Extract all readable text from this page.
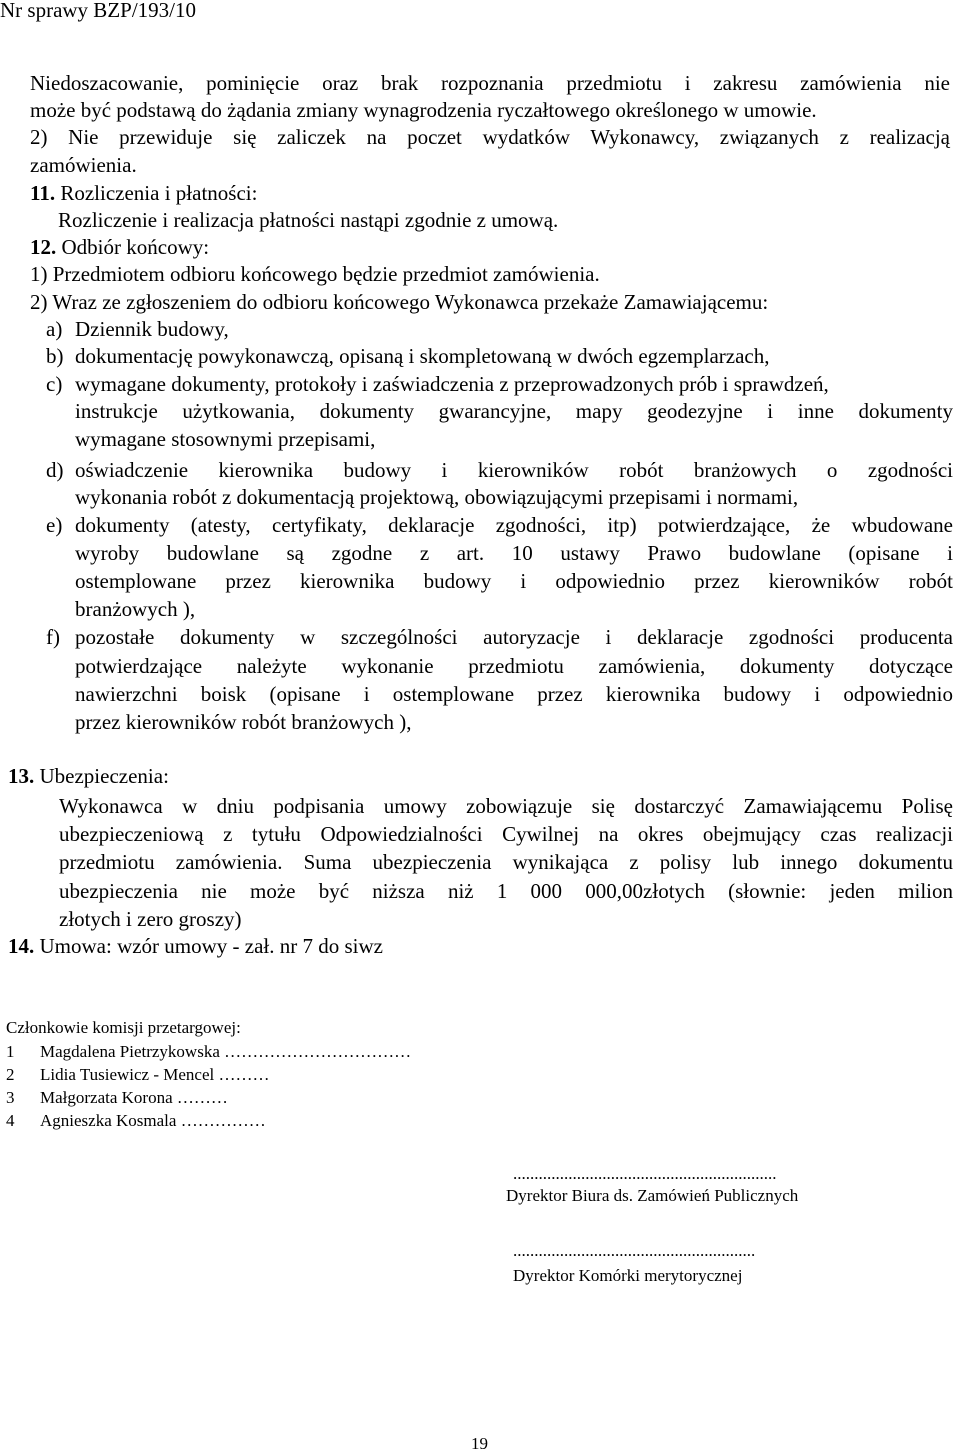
Nr sprawy BZP/193/10
Niedoszacowanie, pominięcie oraz brak rozpoznania przedmiotu i zakresu zamówienia nie
może być podstawą do żądania zmiany wynagrodzenia ryczałtowego określonego w umowie.
2) Nie przewiduje się zaliczek na poczet wydatków Wykonawcy, związanych z realizacją
zamówienia.
11. Rozliczenia i płatności:
Rozliczenie i realizacja płatności nastąpi zgodnie z umową.
12. Odbiór końcowy:
1) Przedmiotem odbioru końcowego będzie przedmiot zamówienia.
2) Wraz ze zgłoszeniem do odbioru końcowego Wykonawca przekaże Zamawiającemu:
a) Dziennik budowy,
b) dokumentację powykonawczą, opisaną i skompletowaną w dwóch egzemplarzach,
c) wymagane dokumenty, protokoły i zaświadczenia z przeprowadzonych prób i sprawdzeń,
instrukcje użytkowania, dokumenty gwarancyjne, mapy geodezyjne i inne dokumenty
wymagane stosownymi przepisami,
d) oświadczenie kierownika budowy i kierowników robót branżowych o zgodności
wykonania robót z dokumentacją projektową, obowiązującymi przepisami i normami,
e) dokumenty (atesty, certyfikaty, deklaracje zgodności, itp) potwierdzające, że wbudowane
wyroby budowlane są zgodne z art. 10 ustawy Prawo budowlane (opisane i
ostemplowane przez kierownika budowy i odpowiednio przez kierowników robót
branżowych ),
f) pozostałe dokumenty w szczególności autoryzacje i deklaracje zgodności producenta
potwierdzające należyte wykonanie przedmiotu zamówienia, dokumenty dotyczące
nawierzchni boisk (opisane i ostemplowane przez kierownika budowy i odpowiednio
przez kierowników robót branżowych ),
13. Ubezpieczenia:
Wykonawca w dniu podpisania umowy zobowiązuje się dostarczyć Zamawiającemu Polisę
ubezpieczeniową z tytułu Odpowiedzialności Cywilnej na okres obejmujący czas realizacji
przedmiotu zamówienia. Suma ubezpieczenia wynikająca z polisy lub innego dokumentu
ubezpieczenia nie może być niższa niż 1 000 000,00złotych (słownie: jeden milion
złotych i zero groszy)
14. Umowa: wzór umowy - zał. nr 7 do siwz
Członkowie komisji przetargowej:
1 Magdalena Pietrzykowska ……………………………
2 Lidia Tusiewicz - Mencel ………
3 Małgorzata Korona ………
4 Agnieszka Kosmala ……………
..............................................................
Dyrektor Biura ds. Zamówień Publicznych
.........................................................
Dyrektor Komórki merytorycznej
19
